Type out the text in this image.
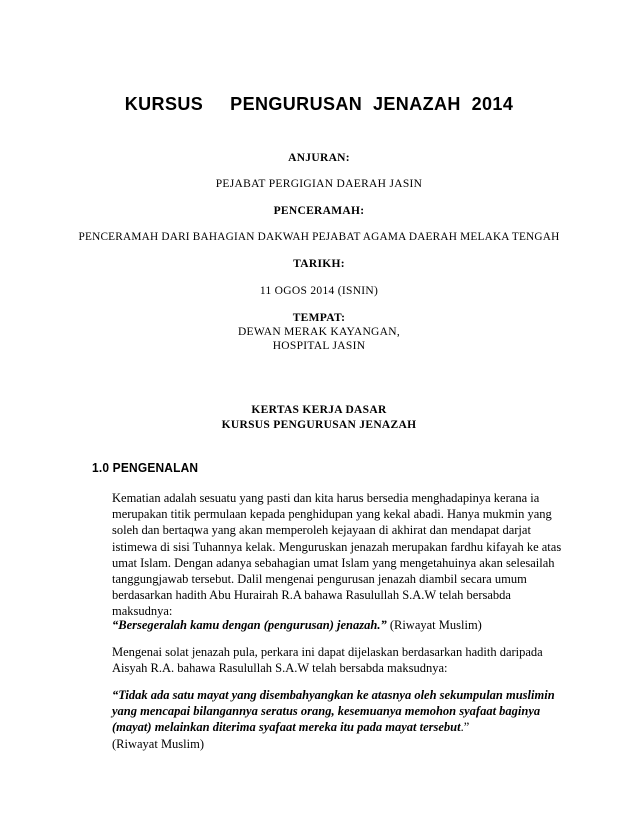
KURSUS     PENGURUSAN  JENAZAH  2014
ANJURAN:
PEJABAT PERGIGIAN DAERAH JASIN
PENCERAMAH:
PENCERAMAH DARI BAHAGIAN DAKWAH PEJABAT AGAMA DAERAH MELAKA TENGAH
TARIKH:
11 OGOS 2014 (ISNIN)
TEMPAT:
DEWAN MERAK KAYANGAN,
HOSPITAL JASIN
KERTAS KERJA DASAR
KURSUS PENGURUSAN JENAZAH
1.0 PENGENALAN

Kematian adalah sesuatu yang pasti dan kita harus bersedia menghadapinya kerana ia

merupakan titik permulaan kepada penghidupan yang kekal abadi. Hanya mukmin yang

soleh dan bertaqwa yang akan memperoleh kejayaan di akhirat dan mendapat darjat

istimewa di sisi Tuhannya kelak. Menguruskan jenazah merupakan fardhu kifayah ke atas

umat Islam. Dengan adanya sebahagian umat Islam yang mengetahuinya akan selesailah

tanggungjawab tersebut. Dalil mengenai pengurusan jenazah diambil secara umum

berdasarkan hadith Abu Hurairah R.A bahawa Rasulullah S.A.W telah bersabda

maksudnya:

“Bersegeralah kamu dengan (pengurusan) jenazah.” (Riwayat Muslim)

Mengenai solat jenazah pula, perkara ini dapat dijelaskan berdasarkan hadith daripada

Aisyah R.A. bahawa Rasulullah S.A.W telah bersabda maksudnya:

“Tidak ada satu mayat yang disembahyangkan ke atasnya oleh sekumpulan muslimin

yang mencapai bilangannya seratus orang, kesemuanya memohon syafaat baginya

(mayat) melainkan diterima syafaat mereka itu pada mayat tersebut.”

(Riwayat Muslim)
